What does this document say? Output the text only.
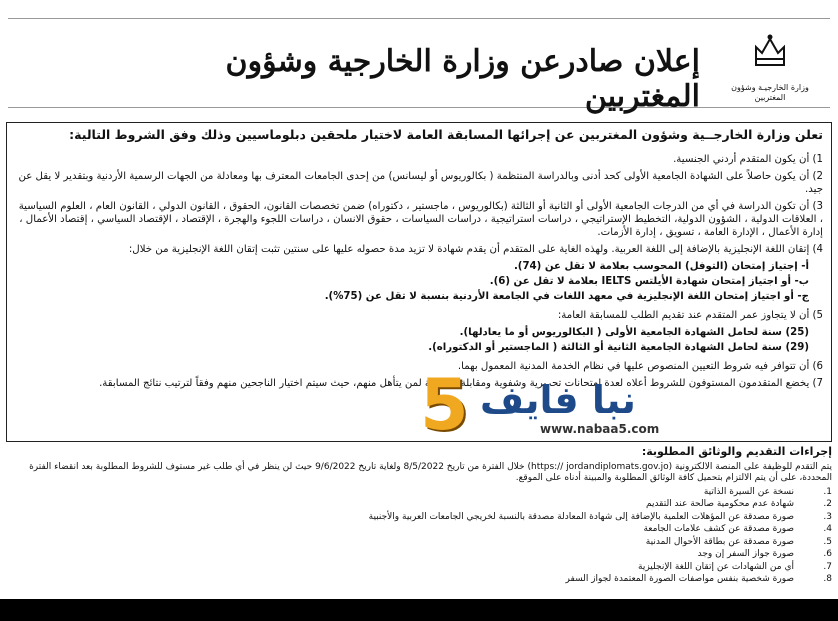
وزارة الخارجيـة وشؤون المغتربين
إعلان صادرعن وزارة الخارجية وشؤون المغتربين
تعلن وزارة الخارجــية وشؤون المغتربين عن إجرائها المسابقة العامة لاختيار ملحقين دبلوماسيين وذلك وفق الشروط التالية:
1) أن يكون المتقدم أردني الجنسية.
2) أن يكون حاصلاً على الشهادة الجامعية الأولى كحد أدنى وبالدراسة المنتظمة ( بكالوريوس أو ليسانس) من إحدى الجامعات المعترف بها ومعادلة من الجهات الرسمية الأردنية وبتقدير لا يقل عن جيد.
3) أن تكون الدراسة في أي من الدرجات الجامعية الأولى أو الثانية أو الثالثة (بكالوريوس ، ماجستير ، دكتوراه) ضمن تخصصات القانون، الحقوق ، القانون الدولي ، القانون العام ، العلوم السياسية ، العلاقات الدولية ، الشؤون الدولية، التخطيط الإستراتيجي ، دراسات استراتيجية ، دراسات السياسات ، حقوق الانسان ، دراسات اللجوء والهجرة ، الإقتصاد ، الإقتصاد السياسي ، إقتصاد الأعمال ، إدارة الأعمال ، الإدارة العامة ، تسويق ، إدارة الأزمات.
4) إتقان اللغة الإنجليزية بالإضافة إلى اللغة العربية. ولهذه الغاية على المتقدم أن يقدم شهادة لا تزيد مدة حصوله عليها على سنتين تثبت إتقان اللغة الإنجليزية من خلال:
أ- إجتياز إمتحان (التوفل) المحوسب بعلامة لا تقل عن (74).
ب- أو اجتياز إمتحان شهادة الأيلتس IELTS بعلامة لا تقل عن (6).
ج- أو اجتياز إمتحان اللغة الإنجليزية في معهد اللغات في الجامعة الأردنية بنسبة لا تقل عن (75%).
5) أن لا يتجاوز عمر المتقدم عند تقديم الطلب للمسابقة العامة:
(25) سنة لحامل الشهادة الجامعية الأولى ( البكالوريوس أو ما يعادلها).
(29) سنة لحامل الشهادة الجامعية الثانية أو الثالثة ( الماجستير أو الدكتوراه).
6) أن تتوافر فيه شروط التعيين المنصوص عليها في نظام الخدمة المدنية المعمول بهما.
7) يخضع المتقدمون المستوفون للشروط أعلاه لعدة امتحانات تحريرية وشفوية ومقابلة شخصية لمن يتأهل منهم، حيث سيتم اختيار الناجحين منهم وفقاً لترتيب نتائج المسابقة.
إجراءات التقديم والوثائق المطلوبة:
يتم التقدم للوظيفة على المنصة الالكترونية (https:// jordandiplomats.gov.jo) خلال الفترة من تاريخ 8/5/2022 ولغاية تاريخ 9/6/2022 حيث لن ينظر في أي طلب غير مستوف للشروط المطلوبة بعد انقضاء الفترة المحددة، على أن يتم الالتزام بتحميل كافة الوثائق المطلوبة والمبينة أدناه على الموقع.
1.
نسخة عن السيرة الذاتية
2.
شهادة عدم محكومية صالحة عند التقديم
3.
صورة مصدقة عن المؤهلات العلمية بالإضافة إلى شهادة المعادلة مصدقة بالنسبة لخريجي الجامعات العربية والأجنبية
4.
صورة مصدقة عن كشف علامات الجامعة
5.
صورة مصدقة عن بطاقة الأحوال المدنية
6.
صورة جواز السفر إن وجد
7.
أي من الشهادات عن إتقان اللغة الإنجليزية
8.
صورة شخصية بنفس مواصفات الصورة المعتمدة لجواز السفر
5 نبا فايف
www.nabaa5.com
